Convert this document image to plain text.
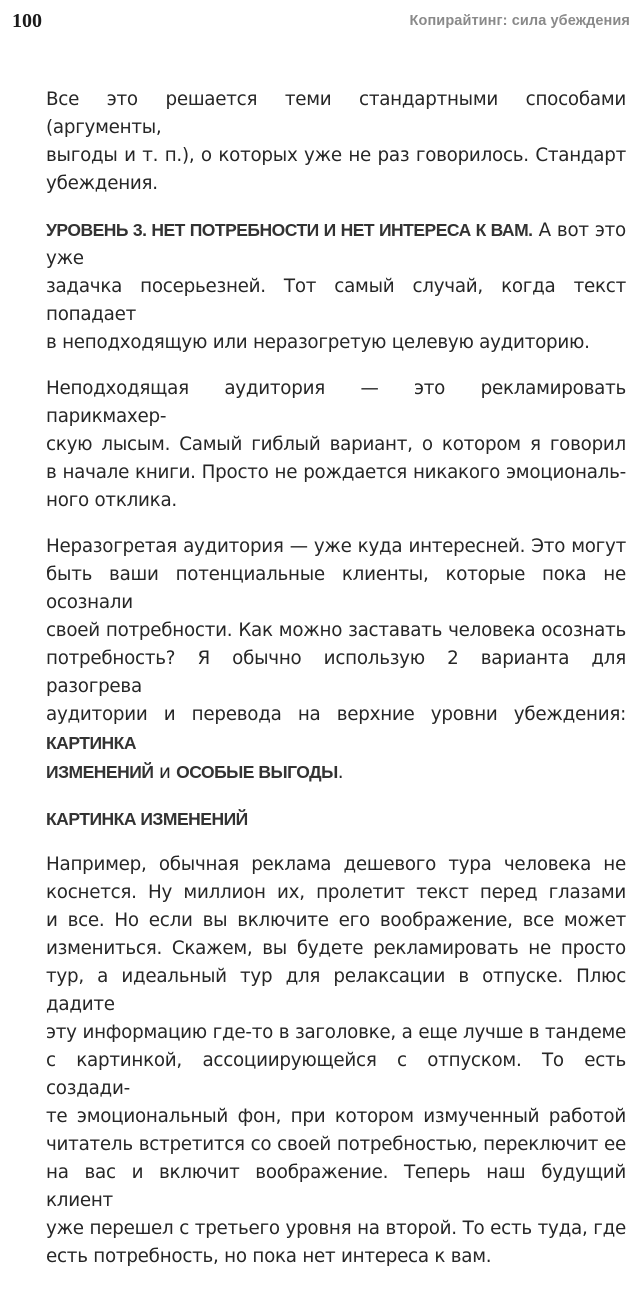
100	Копирайтинг: сила убеждения

Все это решается теми стандартными способами (аргументы,
выгоды и т. п.), о которых уже не раз говорилось. Стандарт
убеждения.

УРОВЕНЬ 3. НЕТ ПОТРЕБНОСТИ И НЕТ ИНТЕРЕСА К ВАМ. А вот это уже
задачка посерьезней. Тот самый случай, когда текст попадает
в неподходящую или неразогретую целевую аудиторию.

Неподходящая аудитория — это рекламировать парикмахер-
скую лысым. Самый гиблый вариант, о котором я говорил
в начале книги. Просто не рождается никакого эмоциональ-
ного отклика.

Неразогретая аудитория — уже куда интересней. Это могут
быть ваши потенциальные клиенты, которые пока не осознали
своей потребности. Как можно заставать человека осознать
потребность? Я обычно использую 2 варианта для разогрева
аудитории и перевода на верхние уровни убеждения: КАРТИНКА
ИЗМЕНЕНИЙ и ОСОБЫЕ ВЫГОДЫ.

КАРТИНКА ИЗМЕНЕНИЙ

Например, обычная реклама дешевого тура человека не
коснется. Ну миллион их, пролетит текст перед глазами
и все. Но если вы включите его воображение, все может
измениться. Скажем, вы будете рекламировать не просто
тур, а идеальный тур для релаксации в отпуске. Плюс дадите
эту информацию где-то в заголовке, а еще лучше в тандеме
с картинкой, ассоциирующейся с отпуском. То есть создади-
те эмоциональный фон, при котором измученный работой
читатель встретится со своей потребностью, переключит ее
на вас и включит воображение. Теперь наш будущий клиент
уже перешел с третьего уровня на второй. То есть туда, где
есть потребность, но пока нет интереса к вам.
